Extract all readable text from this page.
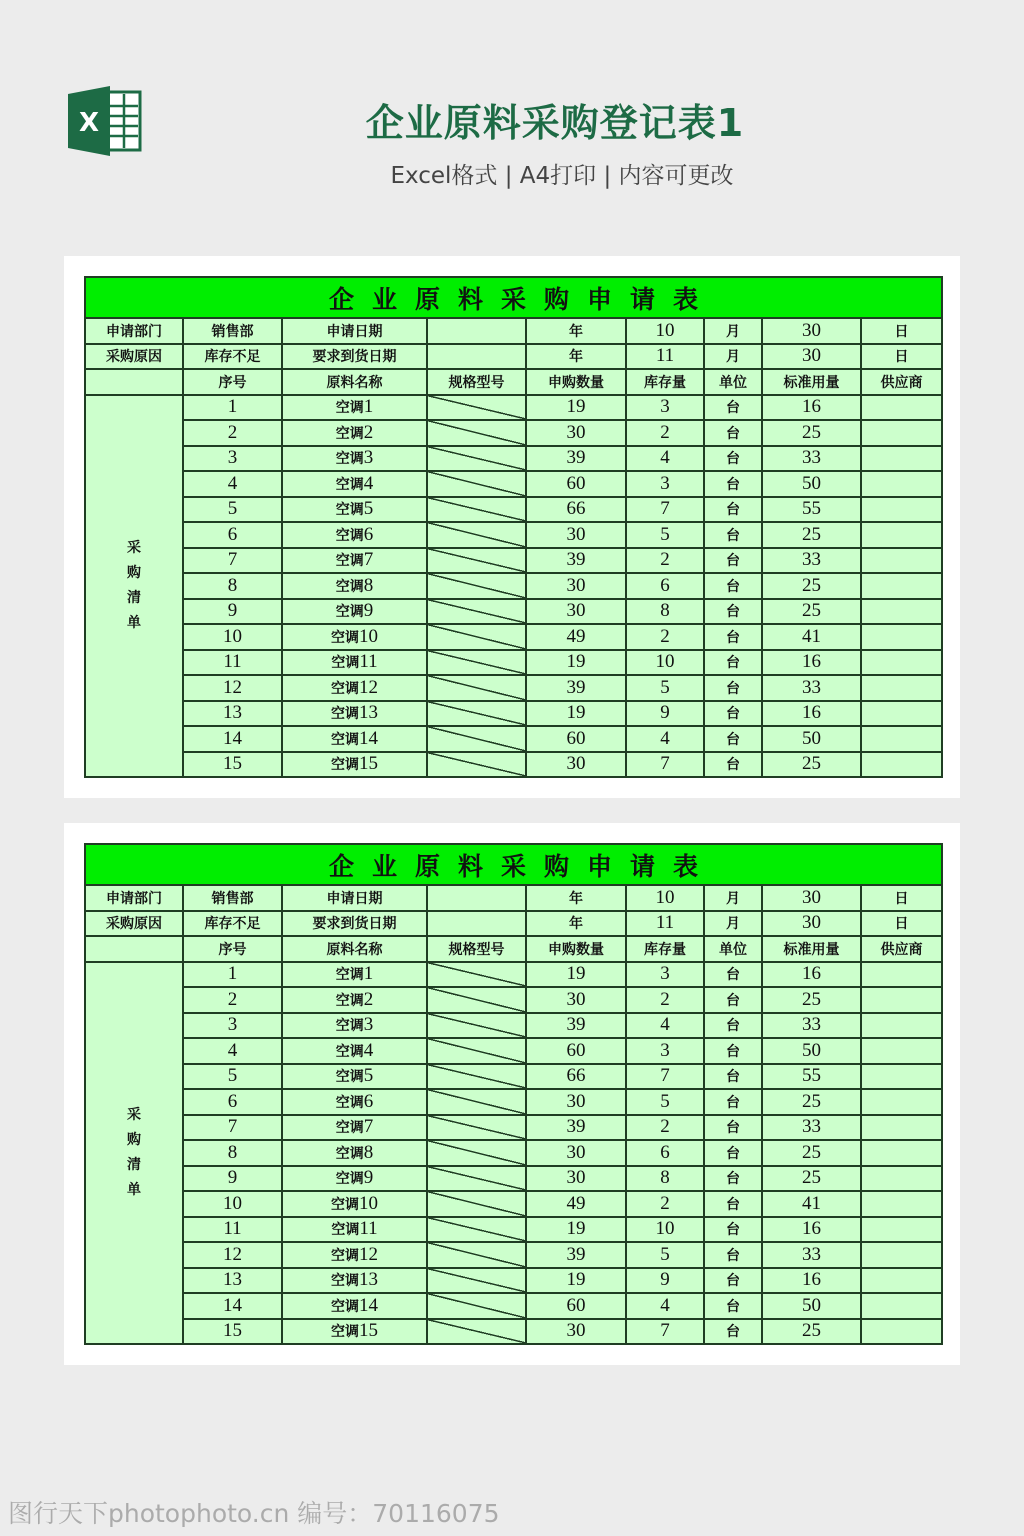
X	企业原料采购登记表1
Excel格式 | A4打印 | 内容可更改
企业原料采购申请表								
申请部门	销售部	申请日期		年	10	月	30	日
采购原因	库存不足	要求到货日期		年	11	月	30	日
	序号	原料名称	规格型号	申购数量	库存量	单位	标准用量	供应商

采
购
清
单	1	空调1		19	3	台	16	
	2	空调2		30	2	台	25	
	3	空调3		39	4	台	33	
	4	空调4		60	3	台	50	
	5	空调5		66	7	台	55	
	6	空调6		30	5	台	25	
	7	空调7		39	2	台	33	
	8	空调8		30	6	台	25	
	9	空调9		30	8	台	25	
	10	空调10		49	2	台	41	
	11	空调11		19	10	台	16	
	12	空调12		39	5	台	33	
	13	空调13		19	9	台	16	
	14	空调14		60	4	台	50	
	15	空调15		30	7	台	25	
企业原料采购申请表								
申请部门	销售部	申请日期		年	10	月	30	日
采购原因	库存不足	要求到货日期		年	11	月	30	日
	序号	原料名称	规格型号	申购数量	库存量	单位	标准用量	供应商

采
购
清
单	1	空调1		19	3	台	16	
	2	空调2		30	2	台	25	
	3	空调3		39	4	台	33	
	4	空调4		60	3	台	50	
	5	空调5		66	7	台	55	
	6	空调6		30	5	台	25	
	7	空调7		39	2	台	33	
	8	空调8		30	6	台	25	
	9	空调9		30	8	台	25	
	10	空调10		49	2	台	41	
	11	空调11		19	10	台	16	
	12	空调12		39	5	台	33	
	13	空调13		19	9	台	16	
	14	空调14		60	4	台	50	
	15	空调15		30	7	台	25	
图行天下photophoto.cn 编号：70116075
